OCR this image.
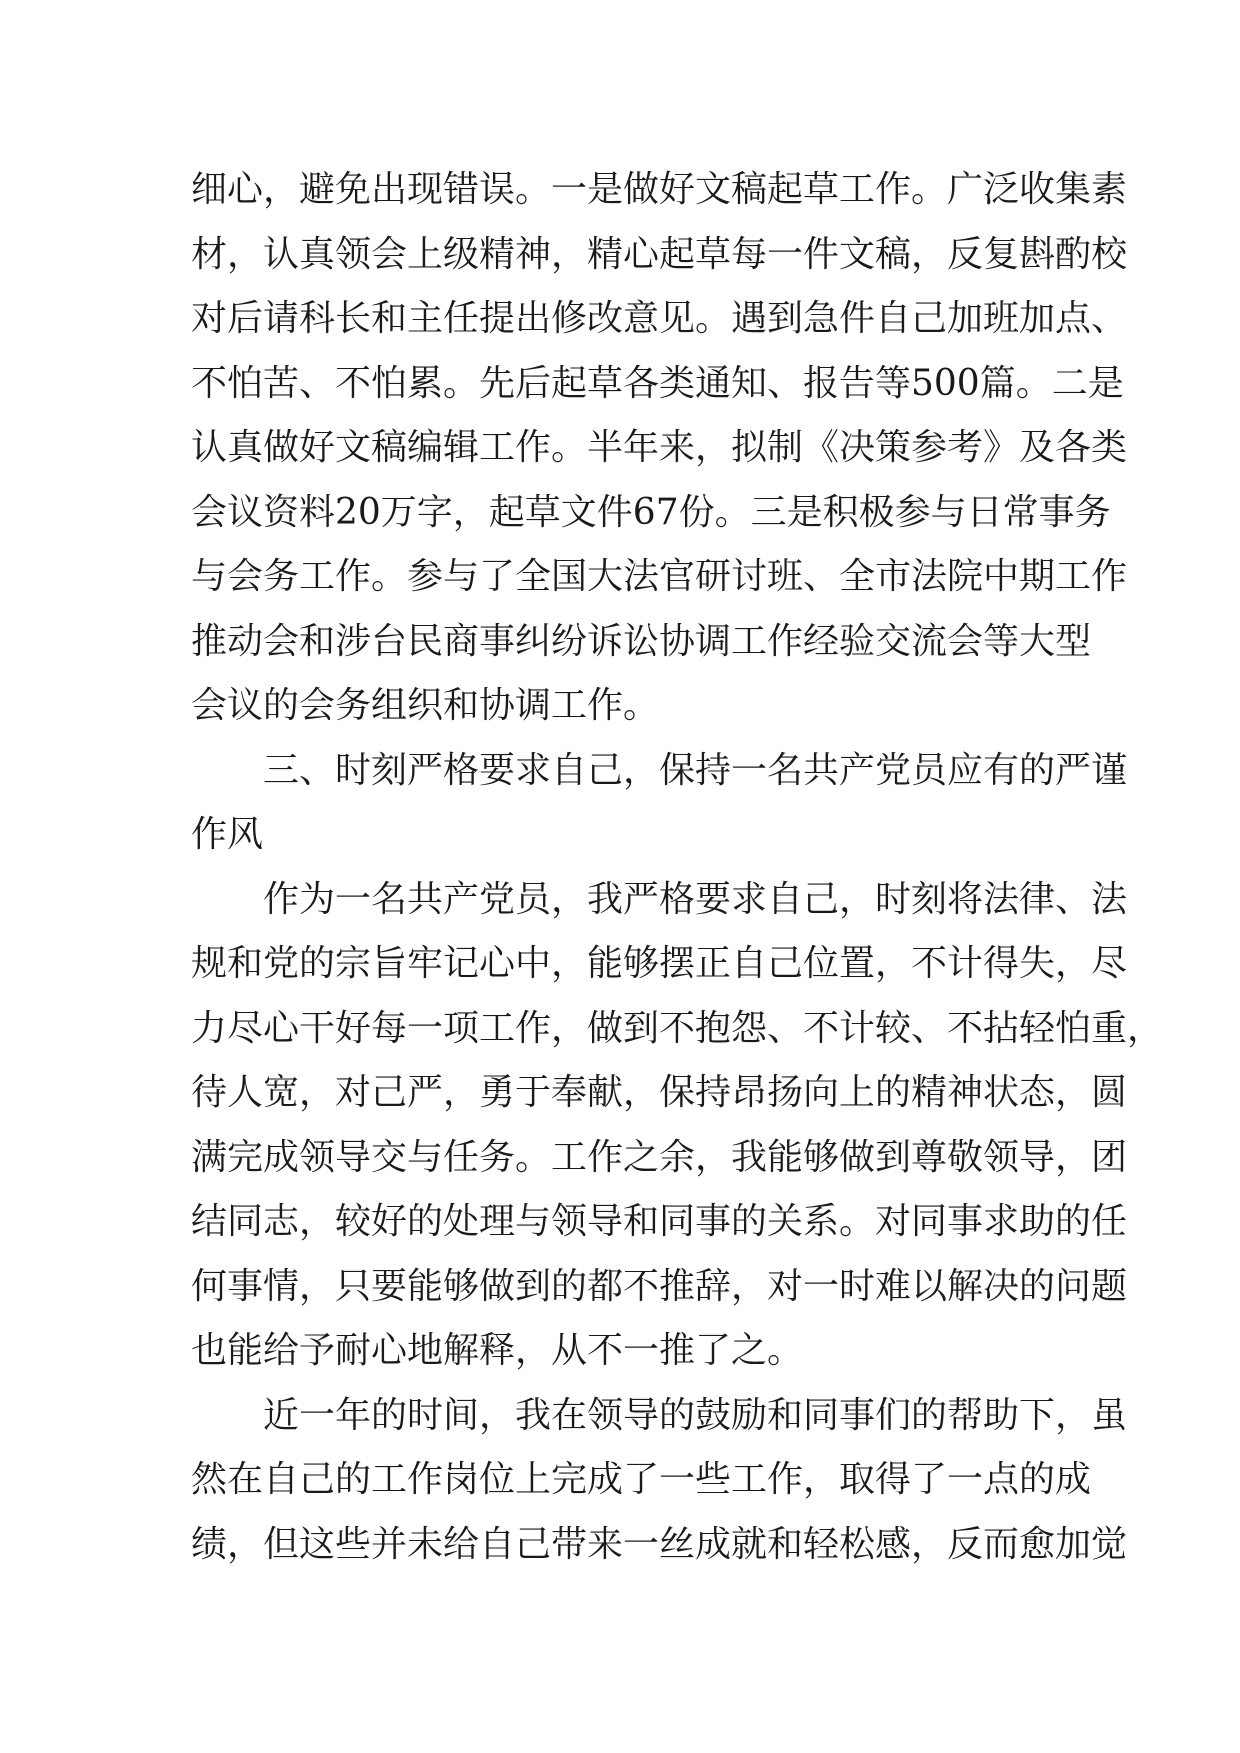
细心，避免出现错误。一是做好文稿起草工作。广泛收集素
材，认真领会上级精神，精心起草每一件文稿，反复斟酌校
对后请科长和主任提出修改意见。遇到急件自己加班加点、
不怕苦、不怕累。先后起草各类通知、报告等500篇。二是
认真做好文稿编辑工作。半年来，拟制《决策参考》及各类
会议资料20万字，起草文件67份。三是积极参与日常事务
与会务工作。参与了全国大法官研讨班、全市法院中期工作
推动会和涉台民商事纠纷诉讼协调工作经验交流会等大型
会议的会务组织和协调工作。
三、时刻严格要求自己，保持一名共产党员应有的严谨
作风
作为一名共产党员，我严格要求自己，时刻将法律、法
规和党的宗旨牢记心中，能够摆正自己位置，不计得失，尽
力尽心干好每一项工作，做到不抱怨、不计较、不拈轻怕重，
待人宽，对己严，勇于奉献，保持昂扬向上的精神状态，圆
满完成领导交与任务。工作之余，我能够做到尊敬领导，团
结同志，较好的处理与领导和同事的关系。对同事求助的任
何事情，只要能够做到的都不推辞，对一时难以解决的问题
也能给予耐心地解释，从不一推了之。
近一年的时间，我在领导的鼓励和同事们的帮助下，虽
然在自己的工作岗位上完成了一些工作，取得了一点的成
绩，但这些并未给自己带来一丝成就和轻松感，反而愈加觉
